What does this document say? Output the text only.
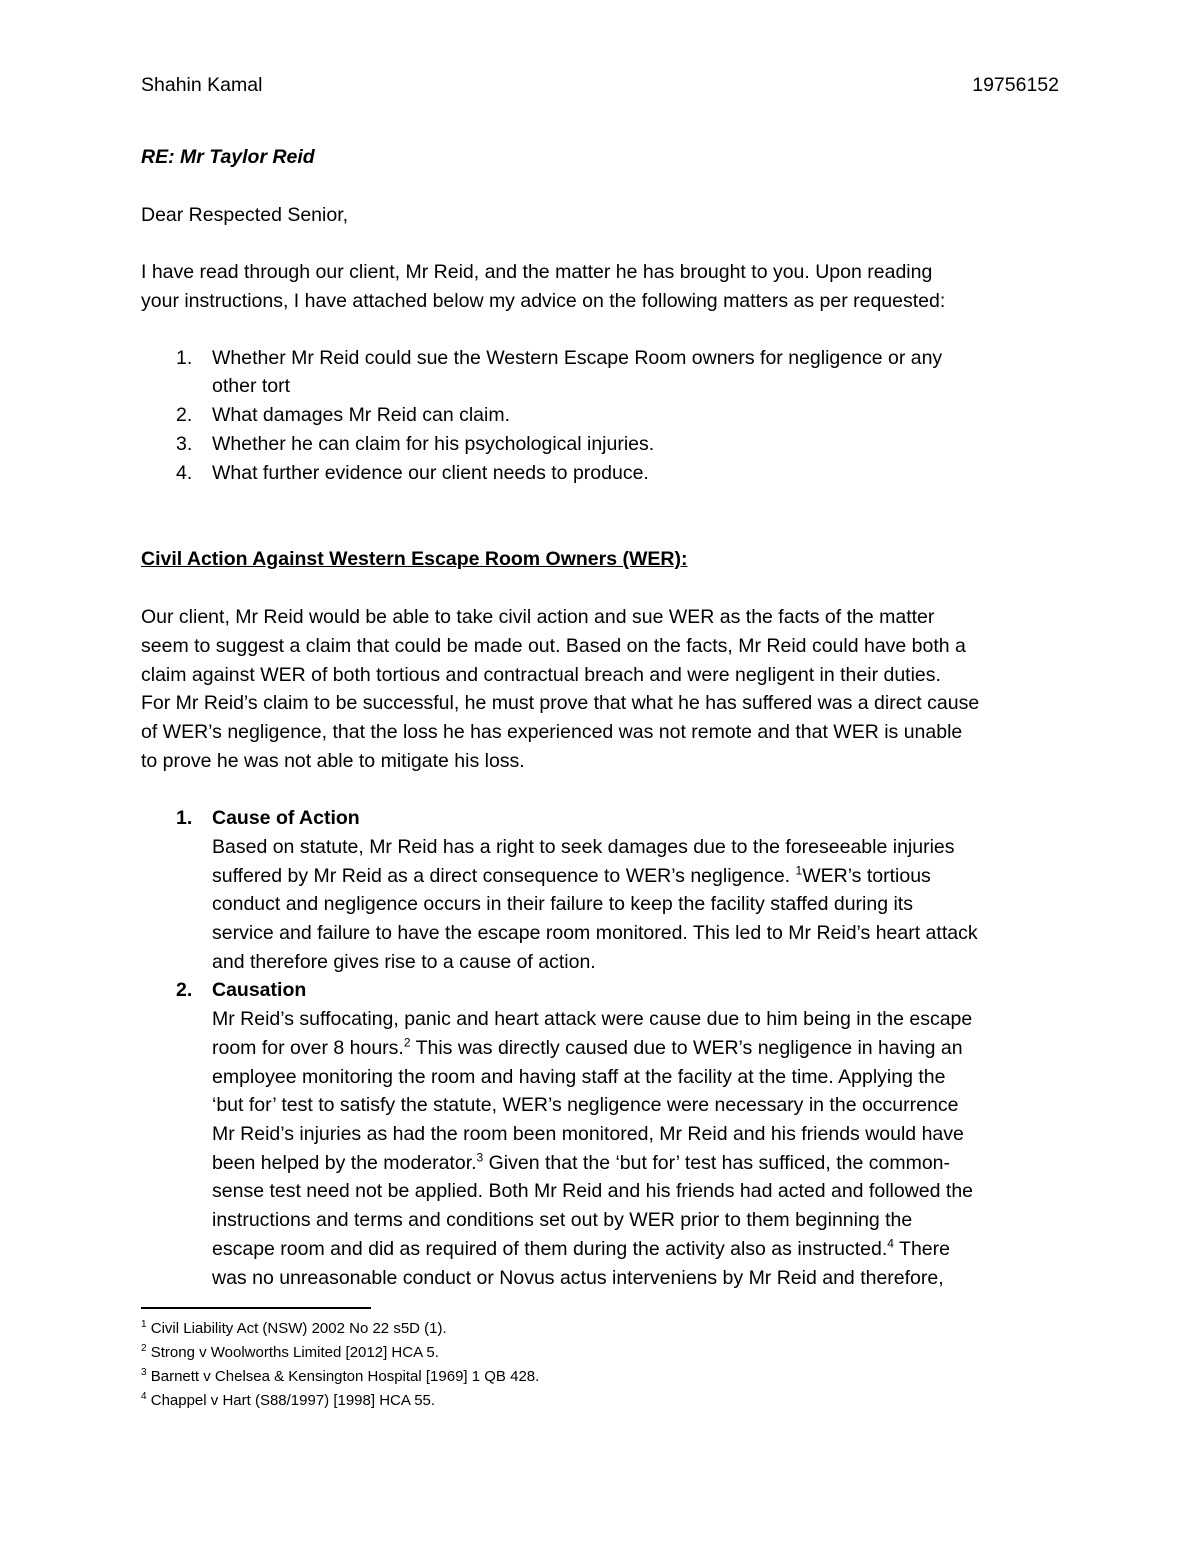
Shahin Kamal	19756152
RE: Mr Taylor Reid
Dear Respected Senior,
I have read through our client, Mr Reid, and the matter he has brought to you. Upon reading
your instructions, I have attached below my advice on the following matters as per requested:
1. Whether Mr Reid could sue the Western Escape Room owners for negligence or any
other tort
2. What damages Mr Reid can claim.
3. Whether he can claim for his psychological injuries.
4. What further evidence our client needs to produce.
Civil Action Against Western Escape Room Owners (WER):
Our client, Mr Reid would be able to take civil action and sue WER as the facts of the matter
seem to suggest a claim that could be made out. Based on the facts, Mr Reid could have both a
claim against WER of both tortious and contractual breach and were negligent in their duties.
For Mr Reid’s claim to be successful, he must prove that what he has suffered was a direct cause
of WER’s negligence, that the loss he has experienced was not remote and that WER is unable
to prove he was not able to mitigate his loss.
1. Cause of Action
Based on statute, Mr Reid has a right to seek damages due to the foreseeable injuries
suffered by Mr Reid as a direct consequence to WER’s negligence. $^1$WER’s tortious
conduct and negligence occurs in their failure to keep the facility staffed during its
service and failure to have the escape room monitored. This led to Mr Reid’s heart attack
and therefore gives rise to a cause of action.
2. Causation
Mr Reid’s suffocating, panic and heart attack were cause due to him being in the escape
room for over 8 hours.$^2$ This was directly caused due to WER’s negligence in having an
employee monitoring the room and having staff at the facility at the time. Applying the
‘but for’ test to satisfy the statute, WER’s negligence were necessary in the occurrence
Mr Reid’s injuries as had the room been monitored, Mr Reid and his friends would have
been helped by the moderator.$^3$ Given that the ‘but for’ test has sufficed, the common-
sense test need not be applied. Both Mr Reid and his friends had acted and followed the
instructions and terms and conditions set out by WER prior to them beginning the
escape room and did as required of them during the activity also as instructed.$^4$ There
was no unreasonable conduct or Novus actus interveniens by Mr Reid and therefore,
$^1$ Civil Liability Act (NSW) 2002 No 22 s5D (1).
$^2$ Strong v Woolworths Limited [2012] HCA 5.
$^3$ Barnett v Chelsea & Kensington Hospital [1969] 1 QB 428.
$^4$ Chappel v Hart (S88/1997) [1998] HCA 55.
